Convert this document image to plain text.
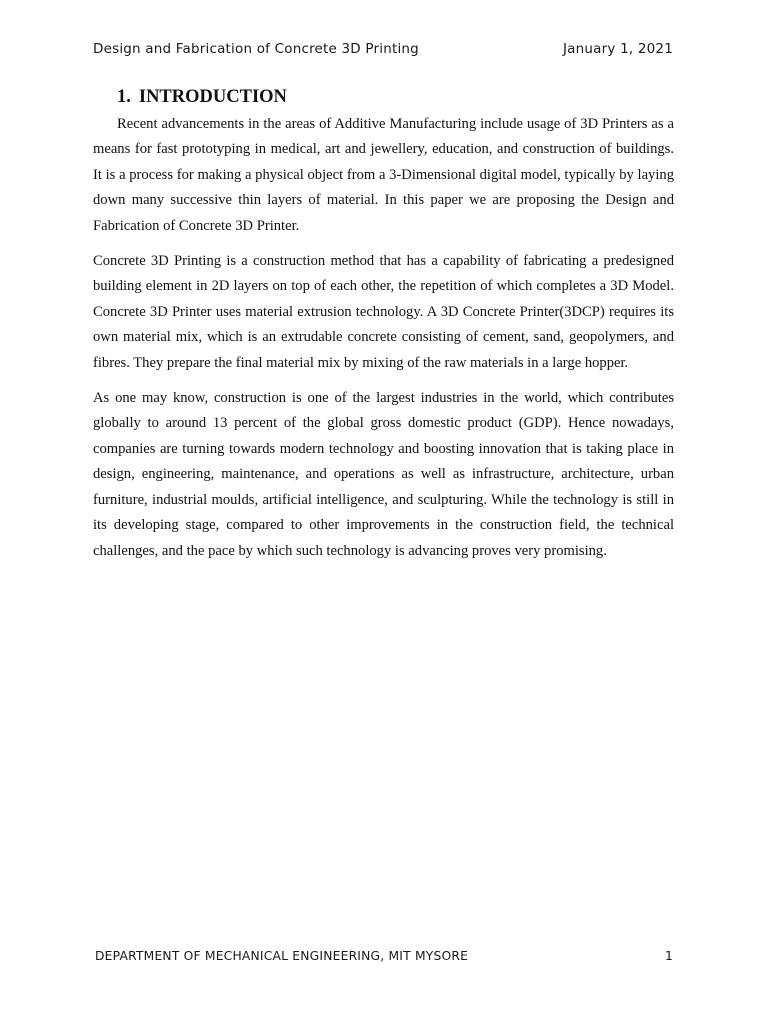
Design and Fabrication of Concrete 3D Printing	January 1, 2021
1. INTRODUCTION

Recent advancements in the areas of Additive Manufacturing include usage of 3D Printers as a means for fast prototyping in medical, art and jewellery, education, and construction of buildings. It is a process for making a physical object from a 3-Dimensional digital model, typically by laying down many successive thin layers of material. In this paper we are proposing the Design and Fabrication of Concrete 3D Printer.

Concrete 3D Printing is a construction method that has a capability of fabricating a predesigned building element in 2D layers on top of each other, the repetition of which completes a 3D Model. Concrete 3D Printer uses material extrusion technology. A 3D Concrete Printer(3DCP) requires its own material mix, which is an extrudable concrete consisting of cement, sand, geopolymers, and fibres. They prepare the final material mix by mixing of the raw materials in a large hopper.

As one may know, construction is one of the largest industries in the world, which contributes globally to around 13 percent of the global gross domestic product (GDP). Hence nowadays, companies are turning towards modern technology and boosting innovation that is taking place in design, engineering, maintenance, and operations as well as infrastructure, architecture, urban furniture, industrial moulds, artificial intelligence, and sculpturing. While the technology is still in its developing stage, compared to other improvements in the construction field, the technical challenges, and the pace by which such technology is advancing proves very promising.

DEPARTMENT OF MECHANICAL ENGINEERING, MIT MYSORE	1
